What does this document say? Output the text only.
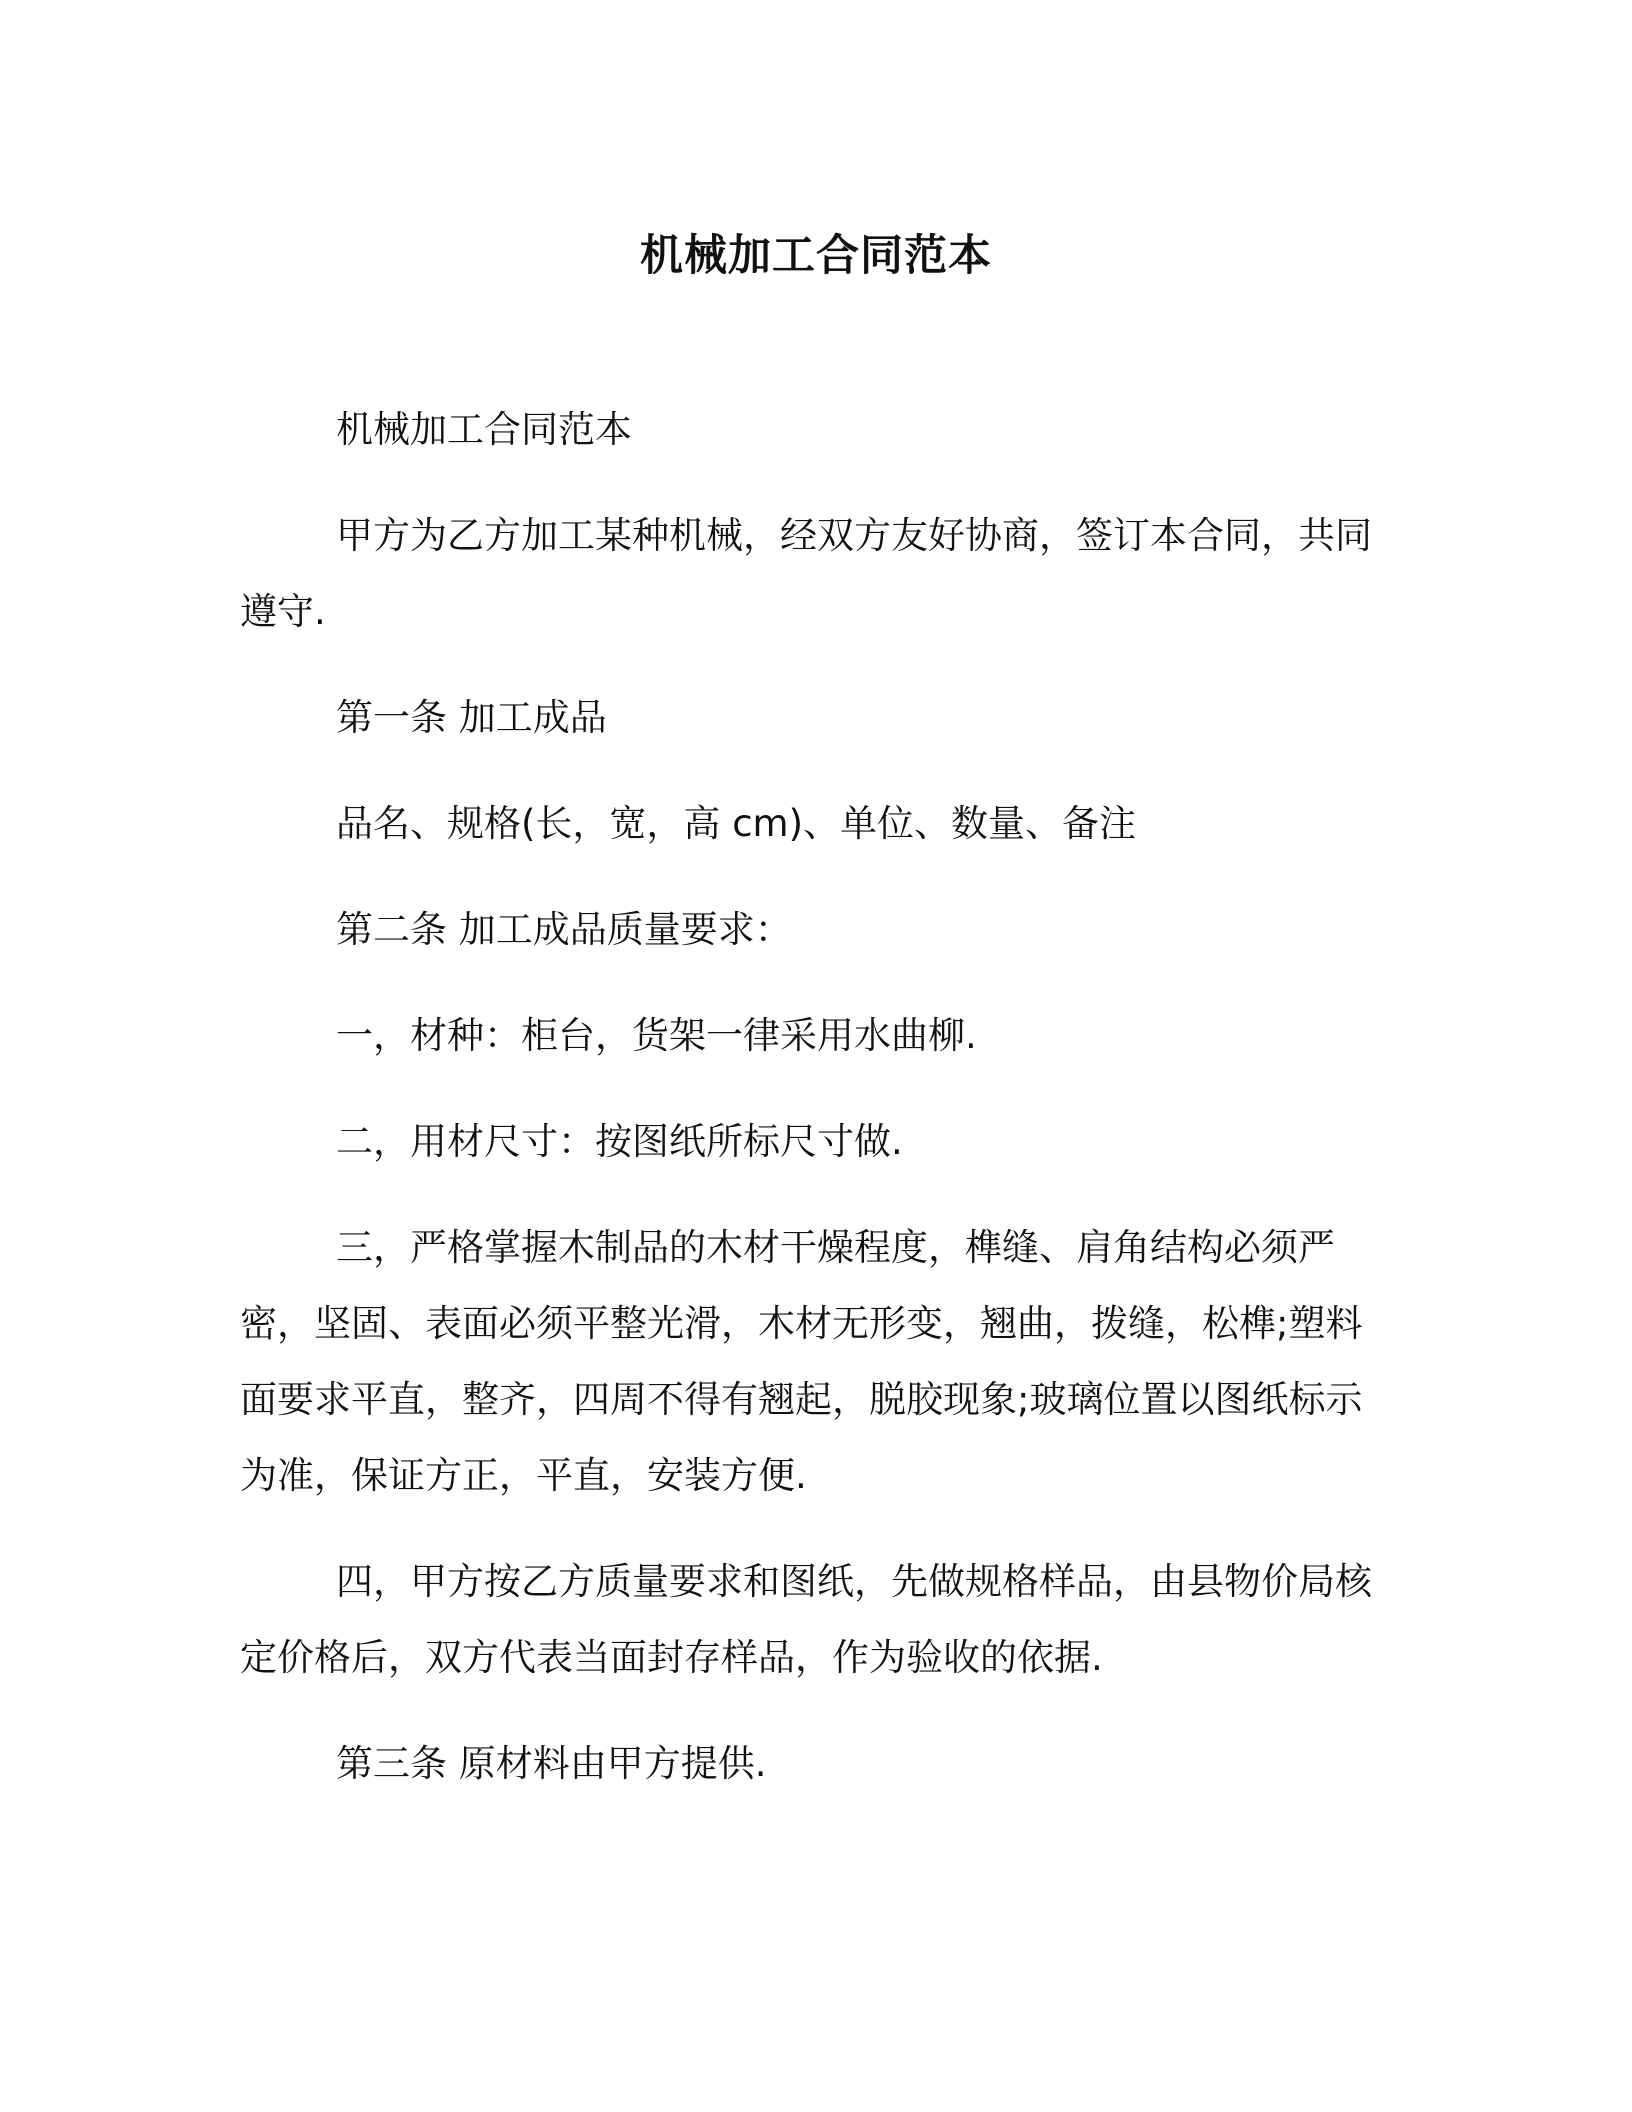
机械加工合同范本

机械加工合同范本

甲方为乙方加工某种机械，经双方友好协商，签订本合同，共同遵守.

第一条 加工成品

品名、规格(长，宽，高 cm)、单位、数量、备注

第二条 加工成品质量要求：

一，材种：柜台，货架一律采用水曲柳.

二，用材尺寸：按图纸所标尺寸做.

三，严格掌握木制品的木材干燥程度，榫缝、肩角结构必须严密，坚固、表面必须平整光滑，木材无形变，翘曲，拨缝，松榫;塑料面要求平直，整齐，四周不得有翘起，脱胶现象;玻璃位置以图纸标示为准，保证方正，平直，安装方便.

四，甲方按乙方质量要求和图纸，先做规格样品，由县物价局核定价格后，双方代表当面封存样品，作为验收的依据.

第三条 原材料由甲方提供.
